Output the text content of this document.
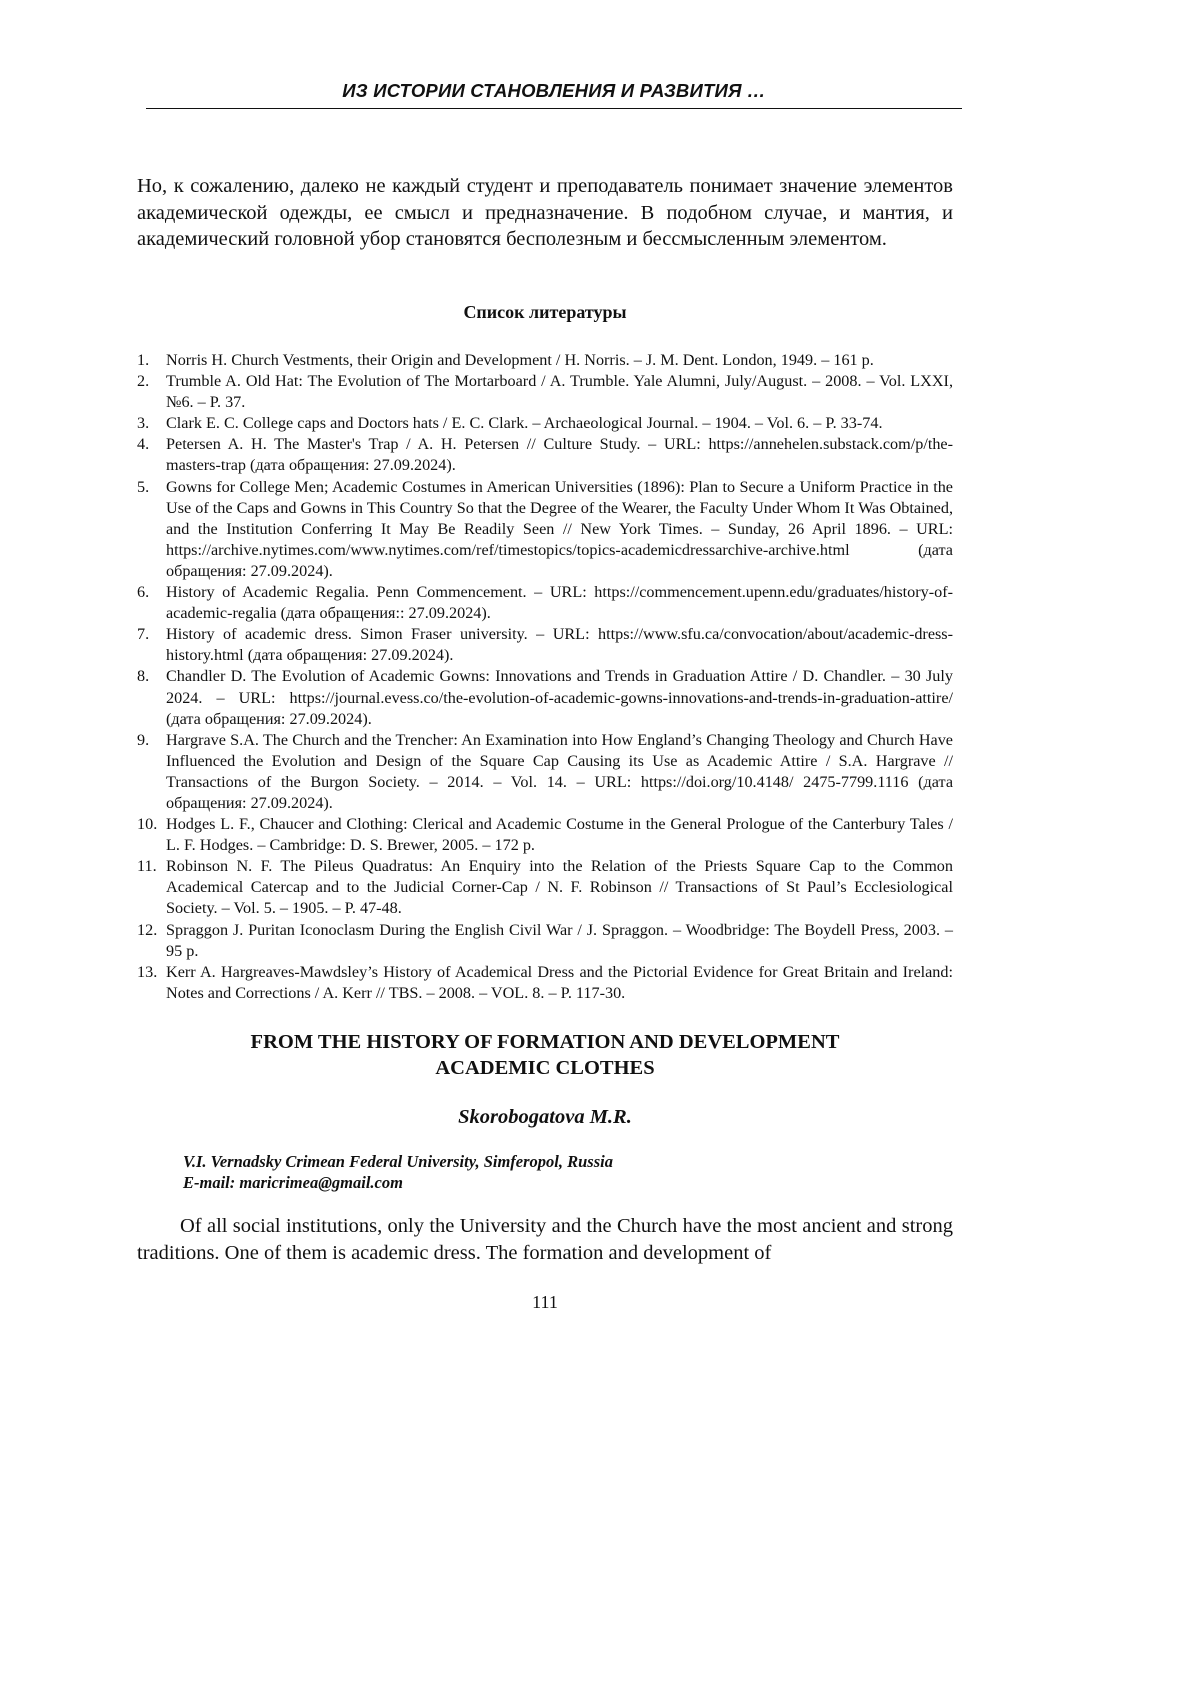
ИЗ ИСТОРИИ СТАНОВЛЕНИЯ И РАЗВИТИЯ …

Но, к сожалению, далеко не каждый студент и преподаватель понимает значение элементов академической одежды, ее смысл и предназначение. В подобном случае, и мантия, и академический головной убор становятся бесполезным и бессмысленным элементом.

Список литературы
1. Norris H. Church Vestments, their Origin and Development / H. Norris. – J. M. Dent. London, 1949. – 161 p.
2. Trumble A. Old Hat: The Evolution of The Mortarboard / A. Trumble. Yale Alumni, July/August. – 2008. – Vol. LXXI, №6. – P. 37.
3. Clark E. C. College caps and Doctors hats / E. C. Clark. – Archaeological Journal. – 1904. – Vol. 6. – P. 33-74.
4. Petersen A. H. The Master's Trap / A. H. Petersen // Culture Study. – URL: https://annehelen.substack.com/p/the-masters-trap (дата обращения: 27.09.2024).
5. Gowns for College Men; Academic Costumes in American Universities (1896): Plan to Secure a Uniform Practice in the Use of the Caps and Gowns in This Country So that the Degree of the Wearer, the Faculty Under Whom It Was Obtained, and the Institution Conferring It May Be Readily Seen // New York Times. – Sunday, 26 April 1896. – URL: https://archive.nytimes.com/www.nytimes.com/ref/timestopics/topics-academicdressarchive-archive.html (дата обращения: 27.09.2024).
6. History of Academic Regalia. Penn Commencement. – URL: https://commencement.upenn.edu/graduates/history-of-academic-regalia (дата обращения:: 27.09.2024).
7. History of academic dress. Simon Fraser university. – URL: https://www.sfu.ca/convocation/about/academic-dress-history.html (дата обращения: 27.09.2024).
8. Chandler D. The Evolution of Academic Gowns: Innovations and Trends in Graduation Attire / D. Chandler. – 30 July 2024. – URL: https://journal.evess.co/the-evolution-of-academic-gowns-innovations-and-trends-in-graduation-attire/ (дата обращения: 27.09.2024).
9. Hargrave S.A. The Church and the Trencher: An Examination into How England’s Changing Theology and Church Have Influenced the Evolution and Design of the Square Cap Causing its Use as Academic Attire / S.A. Hargrave // Transactions of the Burgon Society. – 2014. – Vol. 14. – URL: https://doi.org/10.4148/ 2475-7799.1116 (дата обращения: 27.09.2024).
10. Hodges L. F., Chaucer and Clothing: Clerical and Academic Costume in the General Prologue of the Canterbury Tales / L. F. Hodges. – Cambridge: D. S. Brewer, 2005. – 172 p.
11. Robinson N. F. The Pileus Quadratus: An Enquiry into the Relation of the Priests Square Cap to the Common Academical Catercap and to the Judicial Corner-Cap / N. F. Robinson // Transactions of St Paul’s Ecclesiological Society. – Vol. 5. – 1905. – P. 47-48.
12. Spraggon J. Puritan Iconoclasm During the English Civil War / J. Spraggon. – Woodbridge: The Boydell Press, 2003. – 95 p.
13. Kerr A. Hargreaves-Mawdsley’s History of Academical Dress and the Pictorial Evidence for Great Britain and Ireland: Notes and Corrections / A. Kerr // TBS. – 2008. – VOL. 8. – P. 117-30.
FROM THE HISTORY OF FORMATION AND DEVELOPMENT
ACADEMIC CLOTHES
Skorobogatova M.R.
V.I. Vernadsky Crimean Federal University, Simferopol, Russia
E-mail: maricrimea@gmail.com

Of all social institutions, only the University and the Church have the most ancient and strong traditions. One of them is academic dress. The formation and development of

111
